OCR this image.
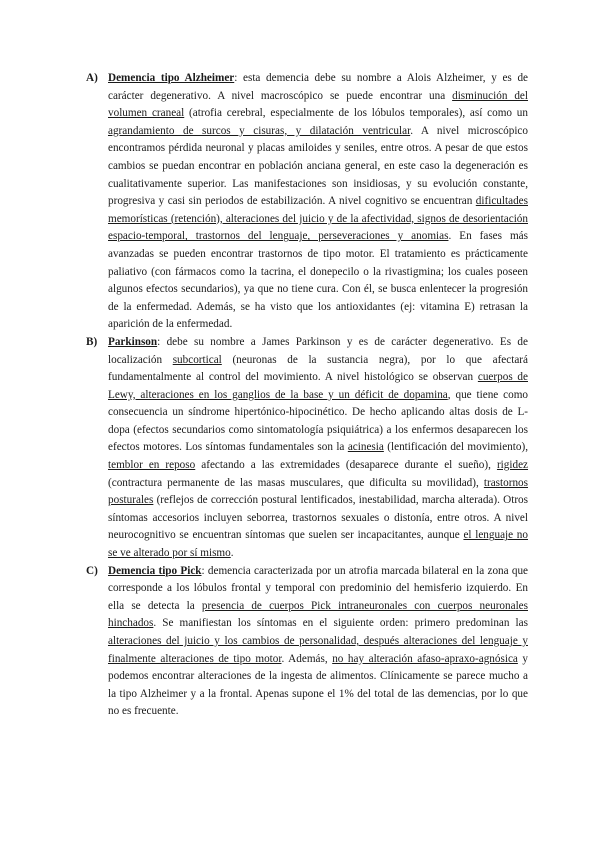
A) Demencia tipo Alzheimer: esta demencia debe su nombre a Alois Alzheimer, y es de carácter degenerativo. A nivel macroscópico se puede encontrar una disminución del volumen craneal (atrofia cerebral, especialmente de los lóbulos temporales), así como un agrandamiento de surcos y cisuras, y dilatación ventricular. A nivel microscópico encontramos pérdida neuronal y placas amiloides y seniles, entre otros. A pesar de que estos cambios se puedan encontrar en población anciana general, en este caso la degeneración es cualitativamente superior. Las manifestaciones son insidiosas, y su evolución constante, progresiva y casi sin periodos de estabilización. A nivel cognitivo se encuentran dificultades memorísticas (retención), alteraciones del juicio y de la afectividad, signos de desorientación espacio-temporal, trastornos del lenguaje, perseveraciones y anomias. En fases más avanzadas se pueden encontrar trastornos de tipo motor. El tratamiento es prácticamente paliativo (con fármacos como la tacrina, el donepecilo o la rivastigmina; los cuales poseen algunos efectos secundarios), ya que no tiene cura. Con él, se busca enlentecer la progresión de la enfermedad. Además, se ha visto que los antioxidantes (ej: vitamina E) retrasan la aparición de la enfermedad.

B) Parkinson: debe su nombre a James Parkinson y es de carácter degenerativo. Es de localización subcortical (neuronas de la sustancia negra), por lo que afectará fundamentalmente al control del movimiento. A nivel histológico se observan cuerpos de Lewy, alteraciones en los ganglios de la base y un déficit de dopamina, que tiene como consecuencia un síndrome hipertónico-hipocinético. De hecho aplicando altas dosis de L-dopa (efectos secundarios como sintomatología psiquiátrica) a los enfermos desaparecen los efectos motores. Los síntomas fundamentales son la acinesia (lentificación del movimiento), temblor en reposo afectando a las extremidades (desaparece durante el sueño), rigidez (contractura permanente de las masas musculares, que dificulta su movilidad), trastornos posturales (reflejos de corrección postural lentificados, inestabilidad, marcha alterada). Otros síntomas accesorios incluyen seborrea, trastornos sexuales o distonía, entre otros. A nivel neurocognitivo se encuentran síntomas que suelen ser incapacitantes, aunque el lenguaje no se ve alterado por sí mismo.

C) Demencia tipo Pick: demencia caracterizada por un atrofia marcada bilateral en la zona que corresponde a los lóbulos frontal y temporal con predominio del hemisferio izquierdo. En ella se detecta la presencia de cuerpos Pick intraneuronales con cuerpos neuronales hinchados. Se manifiestan los síntomas en el siguiente orden: primero predominan las alteraciones del juicio y los cambios de personalidad, después alteraciones del lenguaje y finalmente alteraciones de tipo motor. Además, no hay alteración afaso-apraxo-agnósica y podemos encontrar alteraciones de la ingesta de alimentos. Clínicamente se parece mucho a la tipo Alzheimer y a la frontal. Apenas supone el 1% del total de las demencias, por lo que no es frecuente.
